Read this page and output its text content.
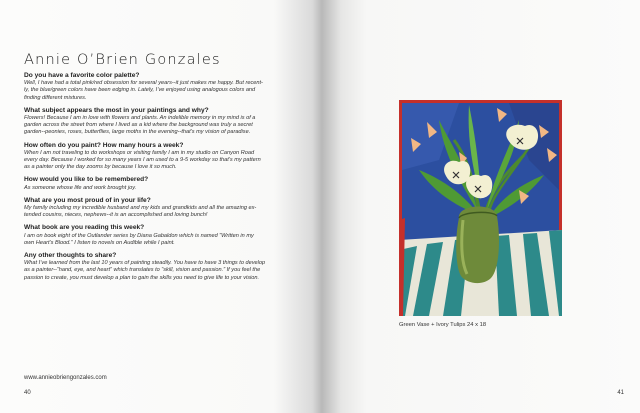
Annie O’Brien Gonzales
Do you have a favorite color palette?
Well, I have had a total pink/red obsession for several years--it just makes me happy. But recent-
ly, the blue/green colors have been edging in. Lately, I’ve enjoyed using analogous colors and
finding different mixtures.
What subject appears the most in your paintings and why?
Flowers! Because I am in love with flowers and plants. An indelible memory in my mind is of a
garden across the street from where I lived as a kid where the background was truly a secret
garden--peonies, roses, butterflies, large moths in the evening--that’s my vision of paradise.
How often do you paint? How many hours a week?
When I am not traveling to do workshops or visiting family I am in my studio on Canyon Road
every day. Because I worked for so many years I am used to a 9-5 workday so that’s my pattern
as a painter only the day zooms by because I love it so much.
How would you like to be remembered?
As someone whose life and work brought joy.
What are you most proud of in your life?
My family including my incredible husband and my kids and grandkids and all the amazing ex-
tended cousins, nieces, nephews--it is an accomplished and loving bunch!
What book are you reading this week?
I am on book eight of the Outlander series by Diana Gabaldon which is named “Written in my
own Heart’s Blood.” I listen to novels on Audible while I paint.
Any other thoughts to share?
What I’ve learned from the last 10 years of painting steadily. You have to have 3 things to develop
as a painter--“hand, eye, and heart” which translates to “skill, vision and passion.” If you feel the
passion to create, you must develop a plan to gain the skills you need to give life to your vision.
www.annieobriengonzales.com
40
Green Vase + Ivory Tulips 24 x 18
41
